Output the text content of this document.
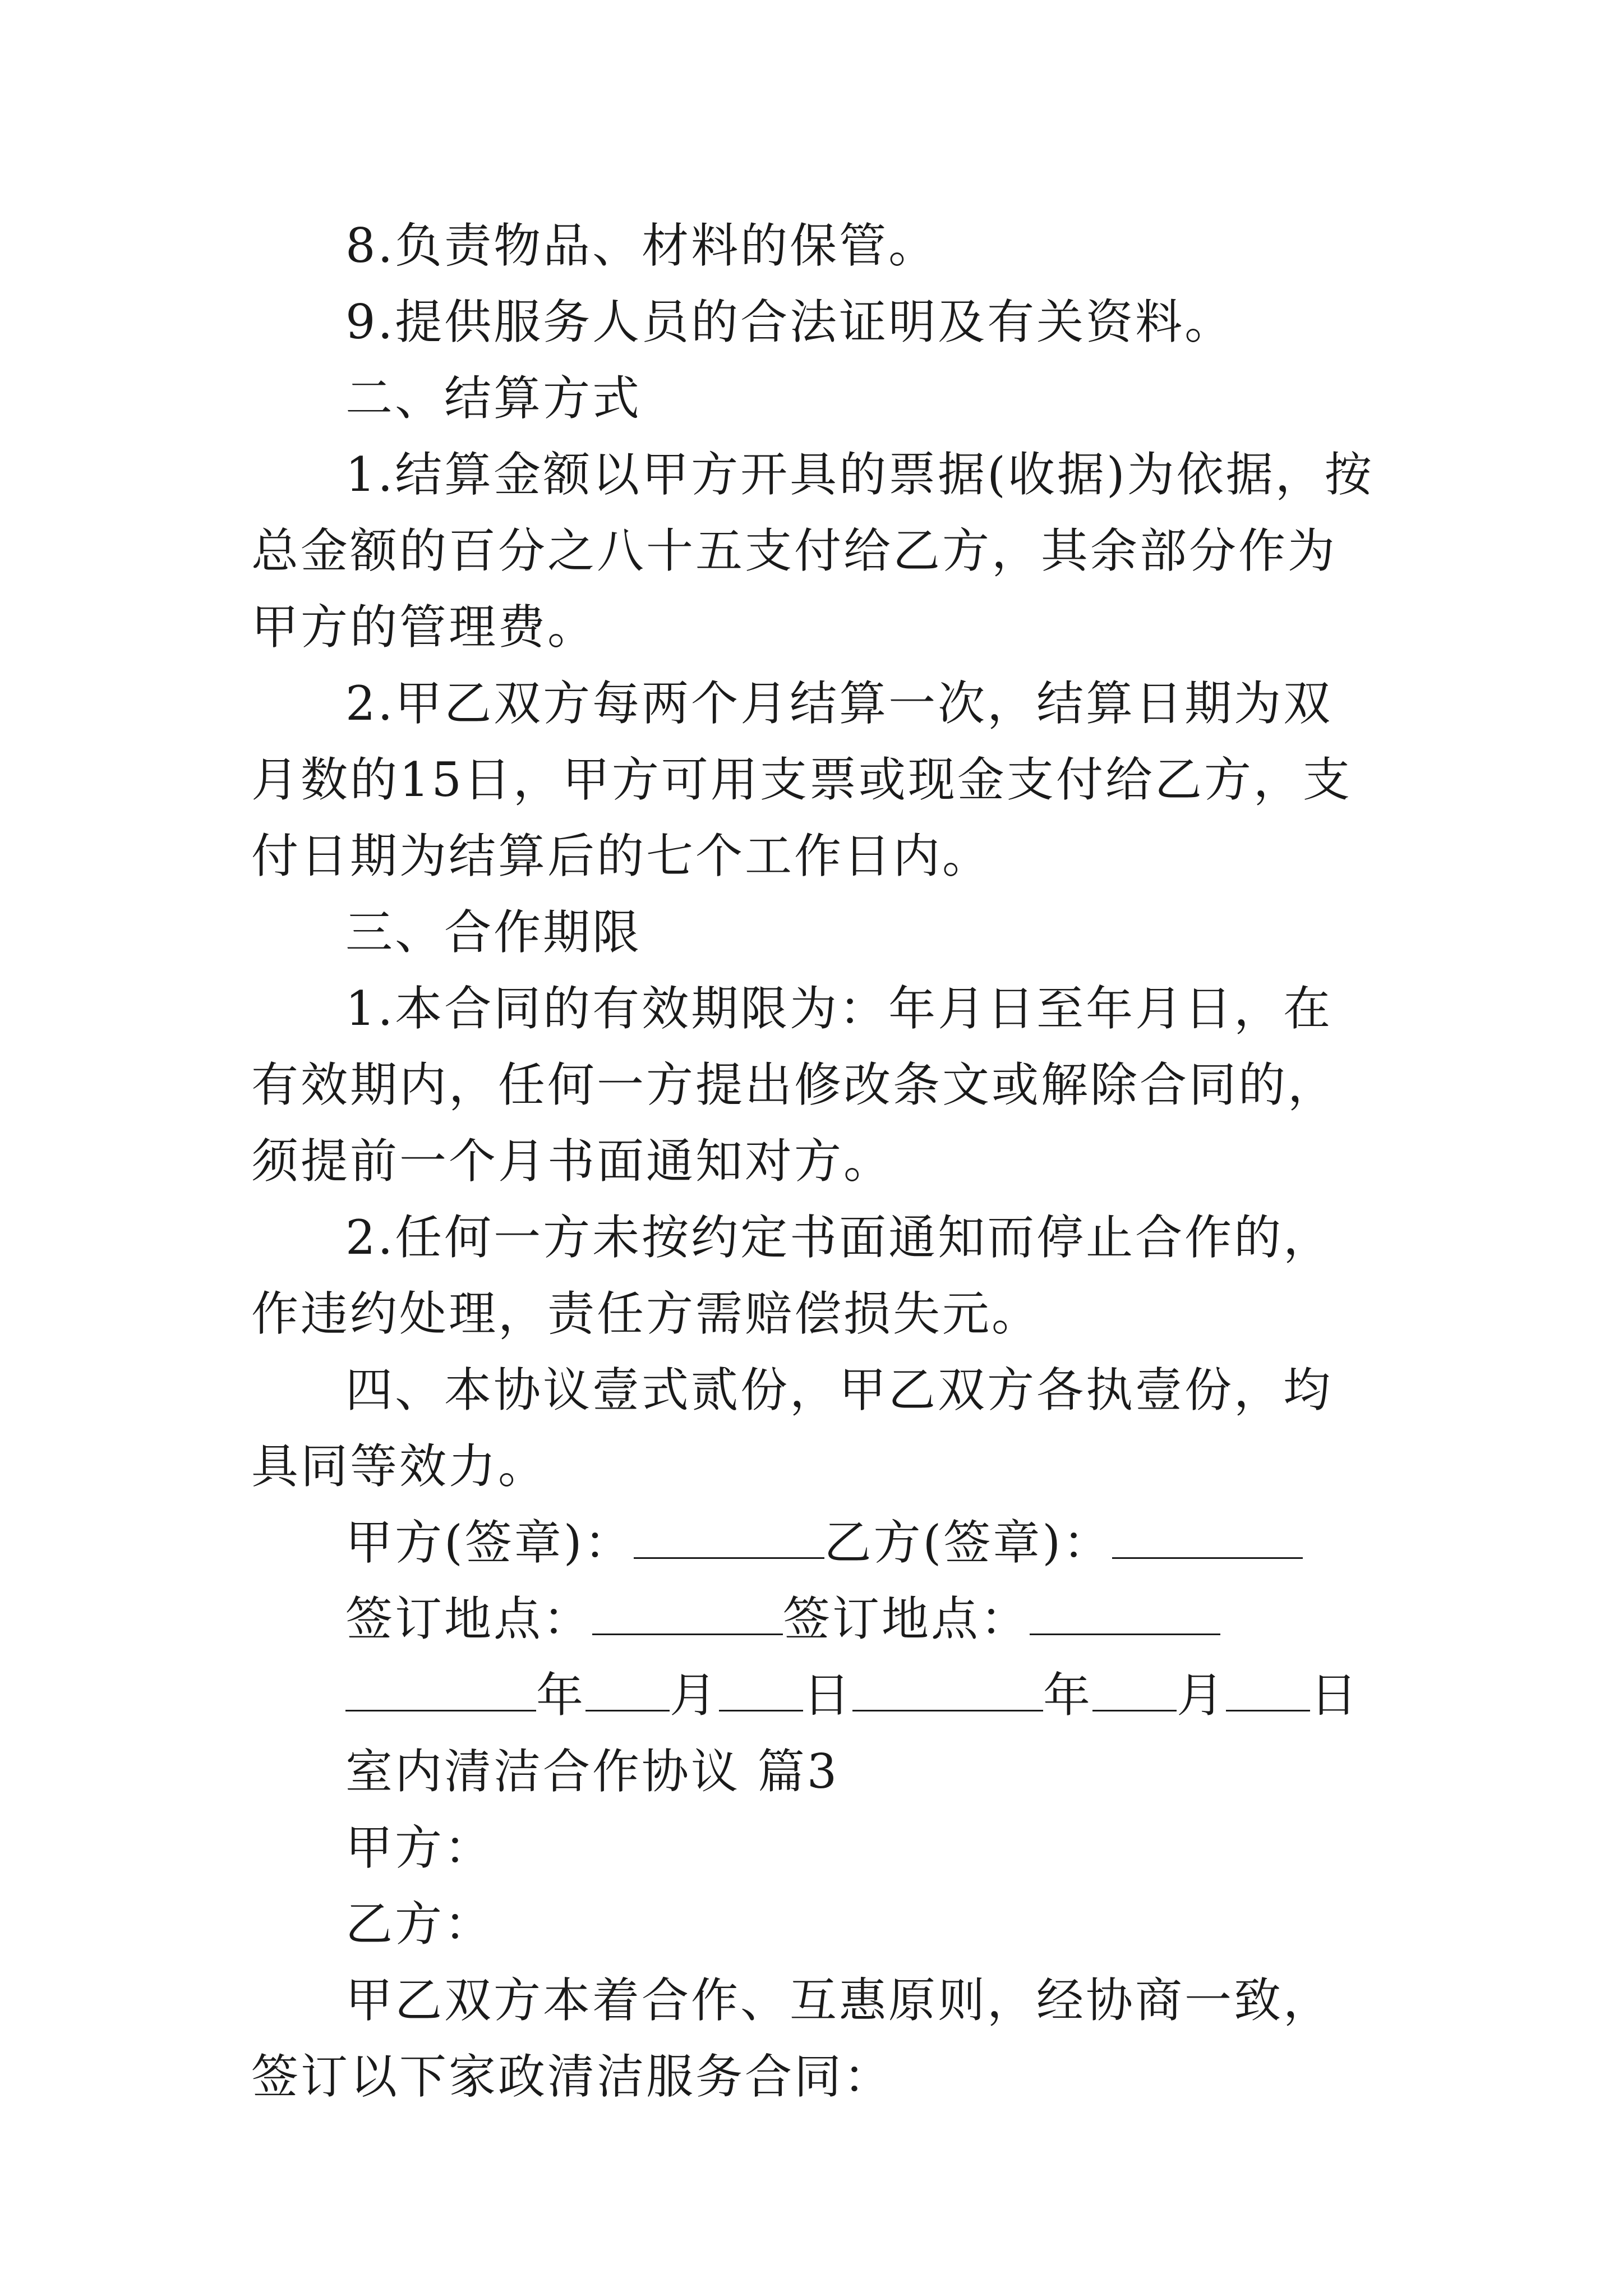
8.负责物品、材料的保管。

9.提供服务人员的合法证明及有关资料。

二、结算方式

1.结算金额以甲方开具的票据(收据)为依据，按总金额的百分之八十五支付给乙方，其余部分作为甲方的管理费。

2.甲乙双方每两个月结算一次，结算日期为双月数的15日，甲方可用支票或现金支付给乙方，支付日期为结算后的七个工作日内。

三、合作期限

1.本合同的有效期限为：年月日至年月日，在有效期内，任何一方提出修改条文或解除合同的，须提前一个月书面通知对方。

2.任何一方未按约定书面通知而停止合作的，作违约处理，责任方需赔偿损失元。

四、本协议壹式贰份，甲乙双方各执壹份，均具同等效力。

甲方(签章)：	乙方(签章)：

签订地点：	签订地点：

年 月 日	年 月 日

室内清洁合作协议 篇3

甲方：

乙方：

甲乙双方本着合作、互惠原则，经协商一致，签订以下家政清洁服务合同：
